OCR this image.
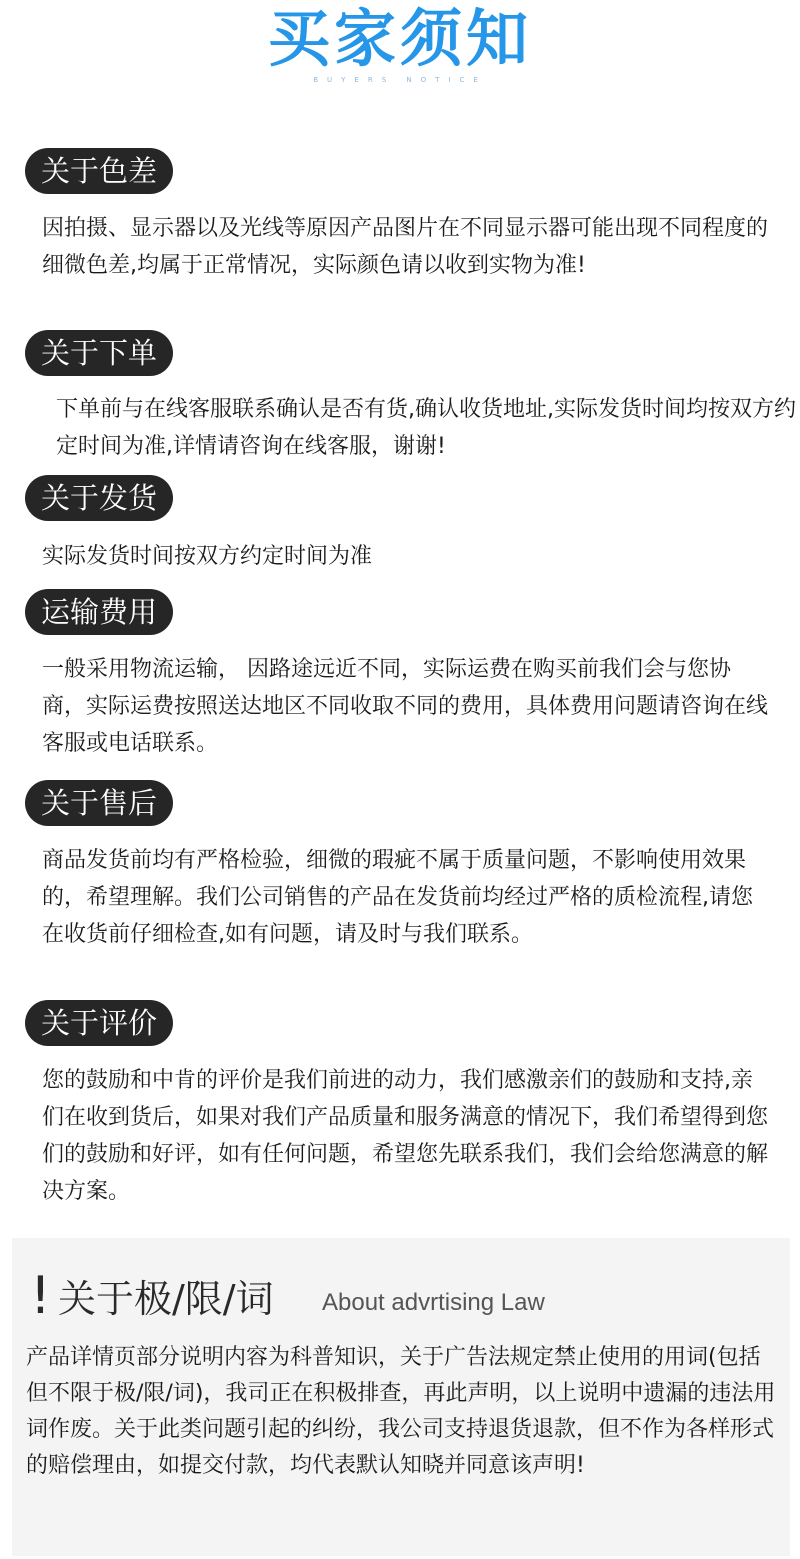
买家须知
BUYERS NOTICE
关于色差

因拍摄、显示器以及光线等原因产品图片在不同显示器可能出现不同程度的细微色差,均属于正常情况，实际颜色请以收到实物为准!

关于下单

下单前与在线客服联系确认是否有货,确认收货地址,实际发货时间均按双方约定时间为准,详情请咨询在线客服，谢谢!

关于发货

实际发货时间按双方约定时间为准

运输费用

一般采用物流运输， 因路途远近不同，实际运费在购买前我们会与您协商，实际运费按照送达地区不同收取不同的费用，具体费用问题请咨询在线客服或电话联系。

关于售后

商品发货前均有严格检验，细微的瑕疵不属于质量问题，不影响使用效果的，希望理解。我们公司销售的产品在发货前均经过严格的质检流程,请您在收货前仔细检查,如有问题，请及时与我们联系。

关于评价

您的鼓励和中肯的评价是我们前进的动力，我们感激亲们的鼓励和支持,亲们在收到货后，如果对我们产品质量和服务满意的情况下，我们希望得到您们的鼓励和好评，如有任何问题，希望您先联系我们，我们会给您满意的解决方案。

! 关于极/限/词 About advrtising Law

产品详情页部分说明内容为科普知识，关于广告法规定禁止使用的用词(包括但不限于极/限/词)，我司正在积极排查，再此声明，以上说明中遗漏的违法用词作废。关于此类问题引起的纠纷，我公司支持退货退款，但不作为各样形式的赔偿理由，如提交付款，均代表默认知晓并同意该声明!
